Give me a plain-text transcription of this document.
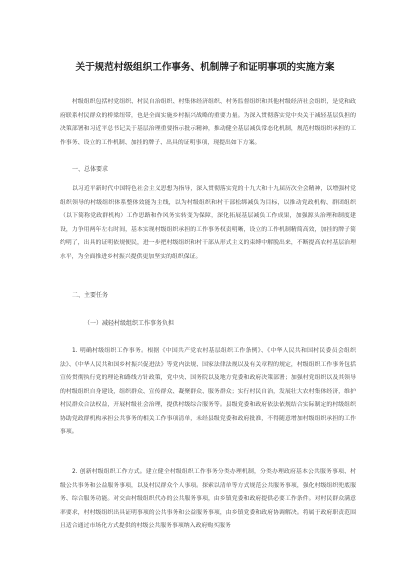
关于规范村级组织工作事务、机制牌子和证明事项的实施方案
村级组织包括村党组织、村民自治组织、村集体经济组织、村务监督组织和其他村级经济社会组织，是党和政府联系村民群众的桥梁纽带，也是全面实施乡村振兴战略的重要力量。为深入贯彻落实党中央关于减轻基层负担的决策部署和习近平总书记关于基层治理重要指示批示精神，推动健全基层减负常态化机制，规范村级组织承担的工作事务、设立的工作机制、加挂的牌子、出具的证明事项，现提出如下方案。
一、总体要求
以习近平新时代中国特色社会主义思想为指导，深入贯彻落实党的十九大和十九届历次全会精神，以增强村党组织领导的村级组织体系整体效能为主线，以为村级组织和村干部松绑减负为目标，以推动党政机构、群团组织（以下简称党政群机构）工作思路和作风务实转变为保障，深化拓展基层减负工作成果，加强源头治理和制度建设，力争用两年左右时间，基本实现村级组织承担的工作事务权责明晰，设立的工作机制精简高效，加挂的牌子简约明了，出具的证明依规便民，进一步把村级组织和村干部从形式主义的束缚中解脱出来，不断提高农村基层治理水平，为全面推进乡村振兴提供更加坚实的组织保证。
二、主要任务
（一）减轻村级组织工作事务负担
1. 明确村级组织工作事务。根据《中国共产党农村基层组织工作条例》、《中华人民共和国村民委员会组织法》、《中华人民共和国乡村振兴促进法》等党内法规、国家法律法规以及有关章程的规定，村级组织工作事务包括宣传贯彻执行党的理论和路线方针政策，党中央、国务院以及地方党委和政府决策部署；加强村党组织以及其领导的村级组织自身建设，组织群众、宣传群众、凝聚群众、服务群众；实行村民自治，发展壮大农村集体经济，维护村民群众合法权益，开展村级社会治理，提供村级综合服务等。县级党委和政府依法依规结合实际制定的村级组织协助党政群机构承担公共事务的相关工作事项清单，未经县级党委和政府批准，不得随意增加村级组织承担的工作事项。
2. 创新村级组织工作方式。建立健全村级组织工作事务分类办理机制，分类办理政府基本公共服务事项、村级公共事务和公益服务事项，以及村民群众个人事项。探索以清单等方式规范公共服务事项，强化村级组织兜底服务、综合服务功能。对交由村级组织代办的公共服务事项，由乡镇党委和政府提供必要工作条件。对村民群众满意率要求，村村级组织出具证明事项的公共事务和公益服务事项，由乡镇党委和政府协调解决。将属于政府职责范围且适合通过市场化方式提供的村级公共服务事项纳入政府购买服务
